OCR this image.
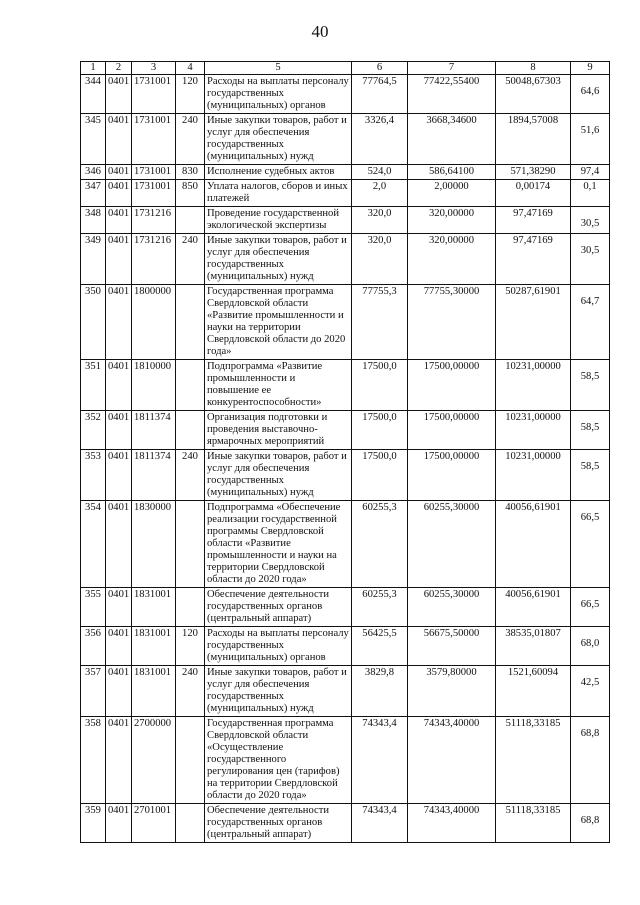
40
1	2	3	4	5	6	7	8	9
344	0401	1731001	120	Расходы на выплаты персоналу государственных (муниципальных) органов	77764,5	77422,55400	50048,67303	64,6
345	0401	1731001	240	Иные закупки товаров, работ и услуг для обеспечения государственных (муниципальных) нужд	3326,4	3668,34600	1894,57008	51,6
346	0401	1731001	830	Исполнение судебных актов	524,0	586,64100	571,38290	97,4
347	0401	1731001	850	Уплата налогов, сборов и иных платежей	2,0	2,00000	0,00174	0,1
348	0401	1731216		Проведение государственной экологической экспертизы	320,0	320,00000	97,47169	30,5
349	0401	1731216	240	Иные закупки товаров, работ и услуг для обеспечения государственных (муниципальных) нужд	320,0	320,00000	97,47169	30,5
350	0401	1800000		Государственная программа Свердловской области «Развитие промышленности и науки на территории Свердловской области до 2020 года»	77755,3	77755,30000	50287,61901	64,7
351	0401	1810000		Подпрограмма «Развитие промышленности и повышение ее конкурентоспособности»	17500,0	17500,00000	10231,00000	58,5
352	0401	1811374		Организация подготовки и проведения выставочно-ярмарочных мероприятий	17500,0	17500,00000	10231,00000	58,5
353	0401	1811374	240	Иные закупки товаров, работ и услуг для обеспечения государственных (муниципальных) нужд	17500,0	17500,00000	10231,00000	58,5
354	0401	1830000		Подпрограмма «Обеспечение реализации государственной программы Свердловской области «Развитие промышленности и науки на территории Свердловской области до 2020 года»	60255,3	60255,30000	40056,61901	66,5
355	0401	1831001		Обеспечение деятельности государственных органов (центральный аппарат)	60255,3	60255,30000	40056,61901	66,5
356	0401	1831001	120	Расходы на выплаты персоналу государственных (муниципальных) органов	56425,5	56675,50000	38535,01807	68,0
357	0401	1831001	240	Иные закупки товаров, работ и услуг для обеспечения государственных (муниципальных) нужд	3829,8	3579,80000	1521,60094	42,5
358	0401	2700000		Государственная программа Свердловской области «Осуществление государственного регулирования цен (тарифов) на территории Свердловской области до 2020 года»	74343,4	74343,40000	51118,33185	68,8
359	0401	2701001		Обеспечение деятельности государственных органов (центральный аппарат)	74343,4	74343,40000	51118,33185	68,8
